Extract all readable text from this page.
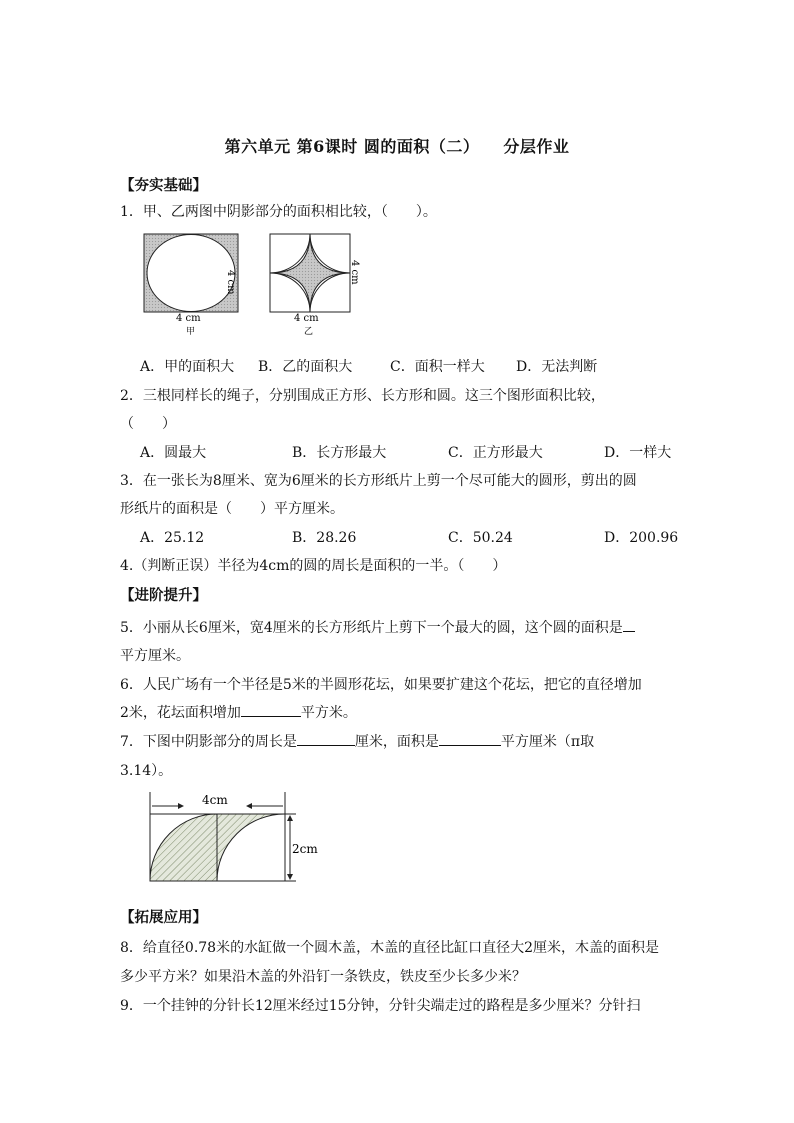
第六单元 第6课时 圆的面积（二） 分层作业
【夯实基础】
1．甲、乙两图中阴影部分的面积相比较，（　　）。
4 cm
4 cm
甲
4 cm
4 cm
乙
A．甲的面积大	B．乙的面积大	C．面积一样大	D．无法判断
2．三根同样长的绳子，分别围成正方形、长方形和圆。这三个图形面积比较，
（　　）
A．圆最大	B．长方形最大	C．正方形最大	D．一样大
3．在一张长为8厘米、宽为6厘米的长方形纸片上剪一个尽可能大的圆形，剪出的圆
形纸片的面积是（　　）平方厘米。
A．25.12	B．28.26	C．50.24	D．200.96
4.（判断正误）半径为4cm的圆的周长是面积的一半。（　　）
【进阶提升】
5．小丽从长6厘米，宽4厘米的长方形纸片上剪下一个最大的圆，这个圆的面积是
平方厘米。
6．人民广场有一个半径是5米的半圆形花坛，如果要扩建这个花坛，把它的直径增加
2米，花坛面积增加	平方米。
7．下图中阴影部分的周长是	厘米，面积是	平方厘米（π取
3.14）。
4cm
2cm
【拓展应用】
8．给直径0.78米的水缸做一个圆木盖，木盖的直径比缸口直径大2厘米，木盖的面积是
多少平方米？如果沿木盖的外沿钉一条铁皮，铁皮至少长多少米？
9．一个挂钟的分针长12厘米经过15分钟，分针尖端走过的路程是多少厘米？分针扫
